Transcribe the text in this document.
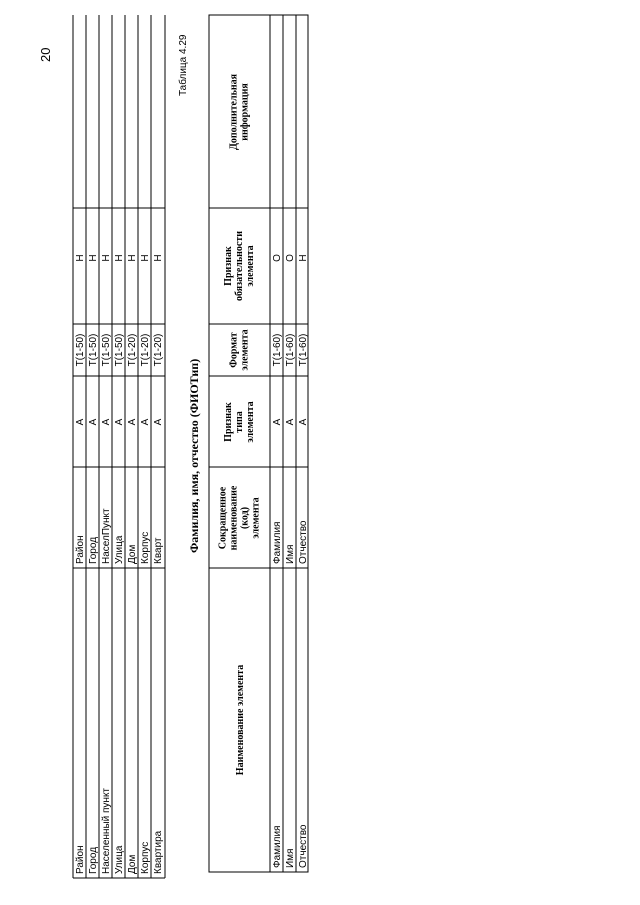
20	Таблица 4.29
Фамилия, имя, отчество (ФИОТип)
Район
Район
А
Т(1-50)
Н
Город
Город
А
Т(1-50)
Н
Населенный пункт
НаселПункт
А
Т(1-50)
Н
Улица
Улица
А
Т(1-50)
Н
Дом
Дом
А
Т(1-20)
Н
Корпус
Корпус
А
Т(1-20)
Н
Квартира
Кварт
А
Т(1-20)
Н
Наименование элемента
Сокращенное наименование (код) элемента
Признак типа элемента
Формат элемента
Признак обязательности элемента
Дополнительная информация
Фамилия
Фамилия
А
Т(1-60)
О
Имя
Имя
А
Т(1-60)
О
Отчество
Отчество
А
Т(1-60)
Н
